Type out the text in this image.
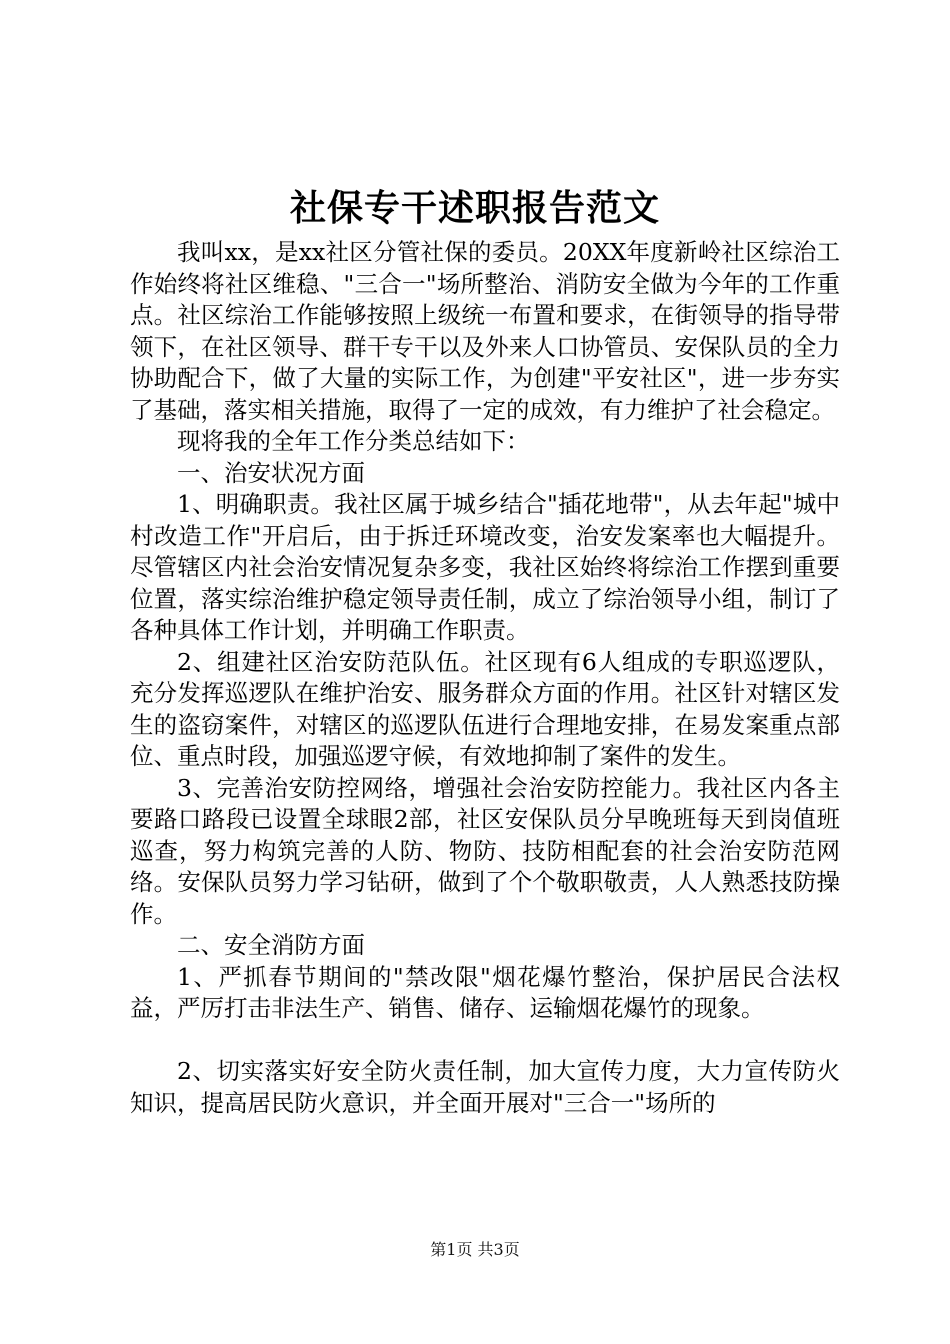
社保专干述职报告范文

我叫xx，是xx社区分管社保的委员。20XX年度新岭社区综治工作始终将社区维稳、"三合一"场所整治、消防安全做为今年的工作重点。社区综治工作能够按照上级统一布置和要求，在街领导的指导带领下，在社区领导、群干专干以及外来人口协管员、安保队员的全力协助配合下，做了大量的实际工作，为创建"平安社区"，进一步夯实了基础，落实相关措施，取得了一定的成效，有力维护了社会稳定。

现将我的全年工作分类总结如下：

一、治安状况方面

1、明确职责。我社区属于城乡结合"插花地带"，从去年起"城中村改造工作"开启后，由于拆迁环境改变，治安发案率也大幅提升。尽管辖区内社会治安情况复杂多变，我社区始终将综治工作摆到重要位置，落实综治维护稳定领导责任制，成立了综治领导小组，制订了各种具体工作计划，并明确工作职责。

2、组建社区治安防范队伍。社区现有6人组成的专职巡逻队，充分发挥巡逻队在维护治安、服务群众方面的作用。社区针对辖区发生的盗窃案件，对辖区的巡逻队伍进行合理地安排，在易发案重点部位、重点时段，加强巡逻守候，有效地抑制了案件的发生。

3、完善治安防控网络，增强社会治安防控能力。我社区内各主要路口路段已设置全球眼2部，社区安保队员分早晚班每天到岗值班巡查，努力构筑完善的人防、物防、技防相配套的社会治安防范网络。安保队员努力学习钻研，做到了个个敬职敬责，人人熟悉技防操作。

二、安全消防方面

1、严抓春节期间的"禁改限"烟花爆竹整治，保护居民合法权益，严厉打击非法生产、销售、储存、运输烟花爆竹的现象。

2、切实落实好安全防火责任制，加大宣传力度，大力宣传防火知识，提高居民防火意识，并全面开展对"三合一"场所的

第1页 共3页
